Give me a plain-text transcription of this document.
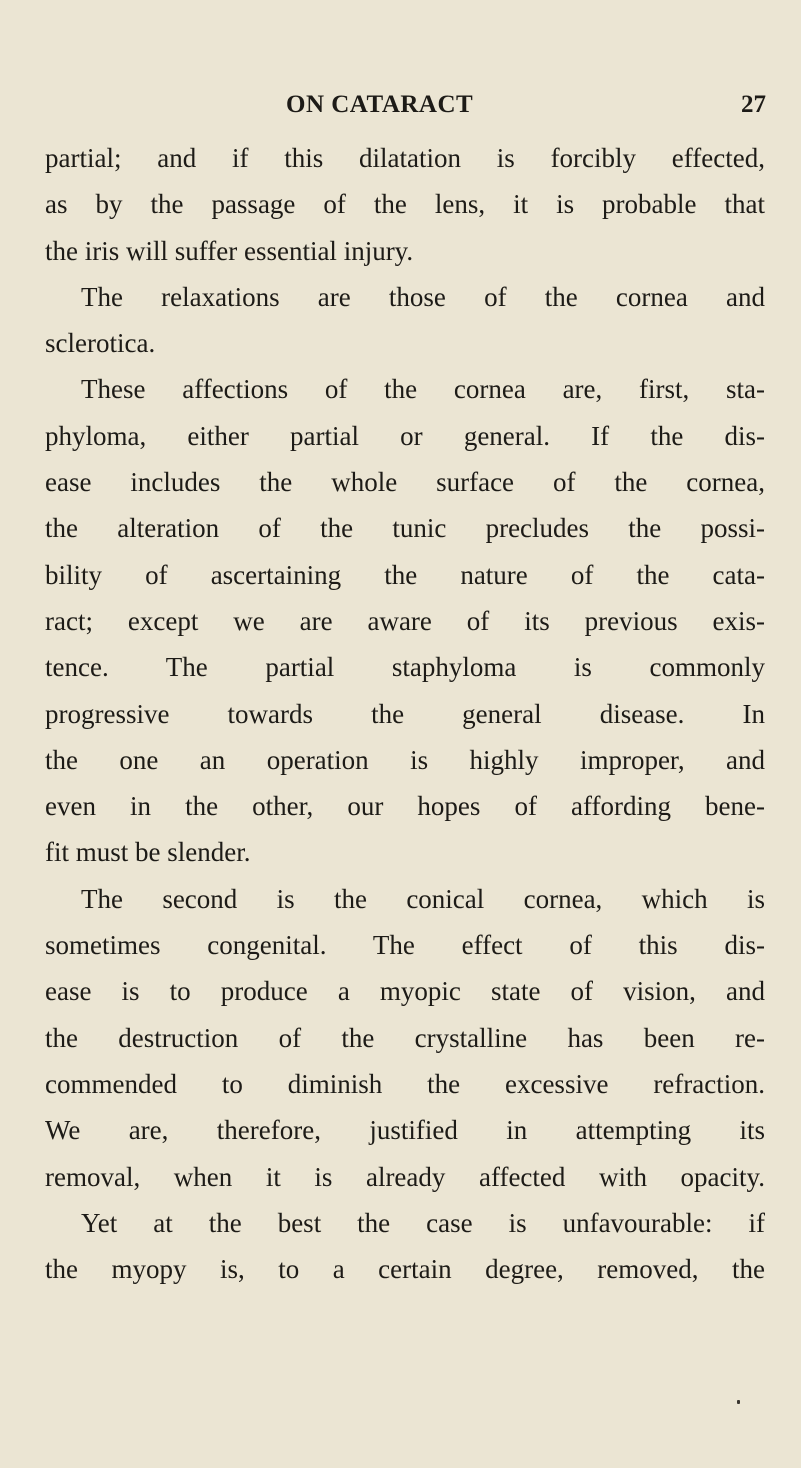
ON CATARACT	27
partial; and if this dilatation is forcibly effected,
as by the passage of the lens, it is probable that
the iris will suffer essential injury.
The relaxations are those of the cornea and
sclerotica.
These affections of the cornea are, first, sta-
phyloma, either partial or general. If the dis-
ease includes the whole surface of the cornea,
the alteration of the tunic precludes the possi-
bility of ascertaining the nature of the cata-
ract; except we are aware of its previous exis-
tence. The partial staphyloma is commonly
progressive towards the general disease. In
the one an operation is highly improper, and
even in the other, our hopes of affording bene-
fit must be slender.
The second is the conical cornea, which is
sometimes congenital. The effect of this dis-
ease is to produce a myopic state of vision, and
the destruction of the crystalline has been re-
commended to diminish the excessive refraction.
We are, therefore, justified in attempting its
removal, when it is already affected with opacity.
Yet at the best the case is unfavourable: if
the myopy is, to a certain degree, removed, the
